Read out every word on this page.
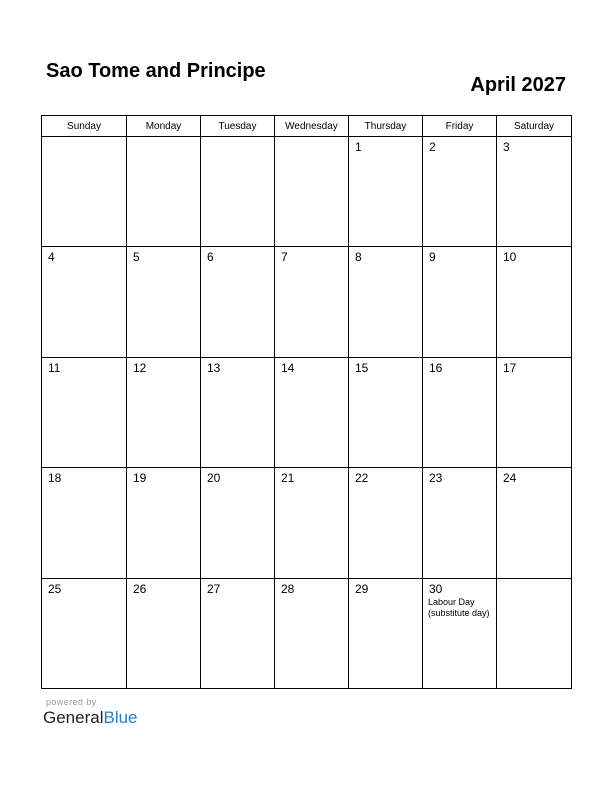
Sao Tome and Principe
April 2027
Sunday	Monday	Tuesday	Wednesday	Thursday	Friday	Saturday

				1	2	3

4	5	6	7	8	9	10

11	12	13	14	15	16	17

18	19	20	21	22	23	24

25	26	27	28	29	30
Labour Day (substitute day)	

powered by
GeneralBlue
